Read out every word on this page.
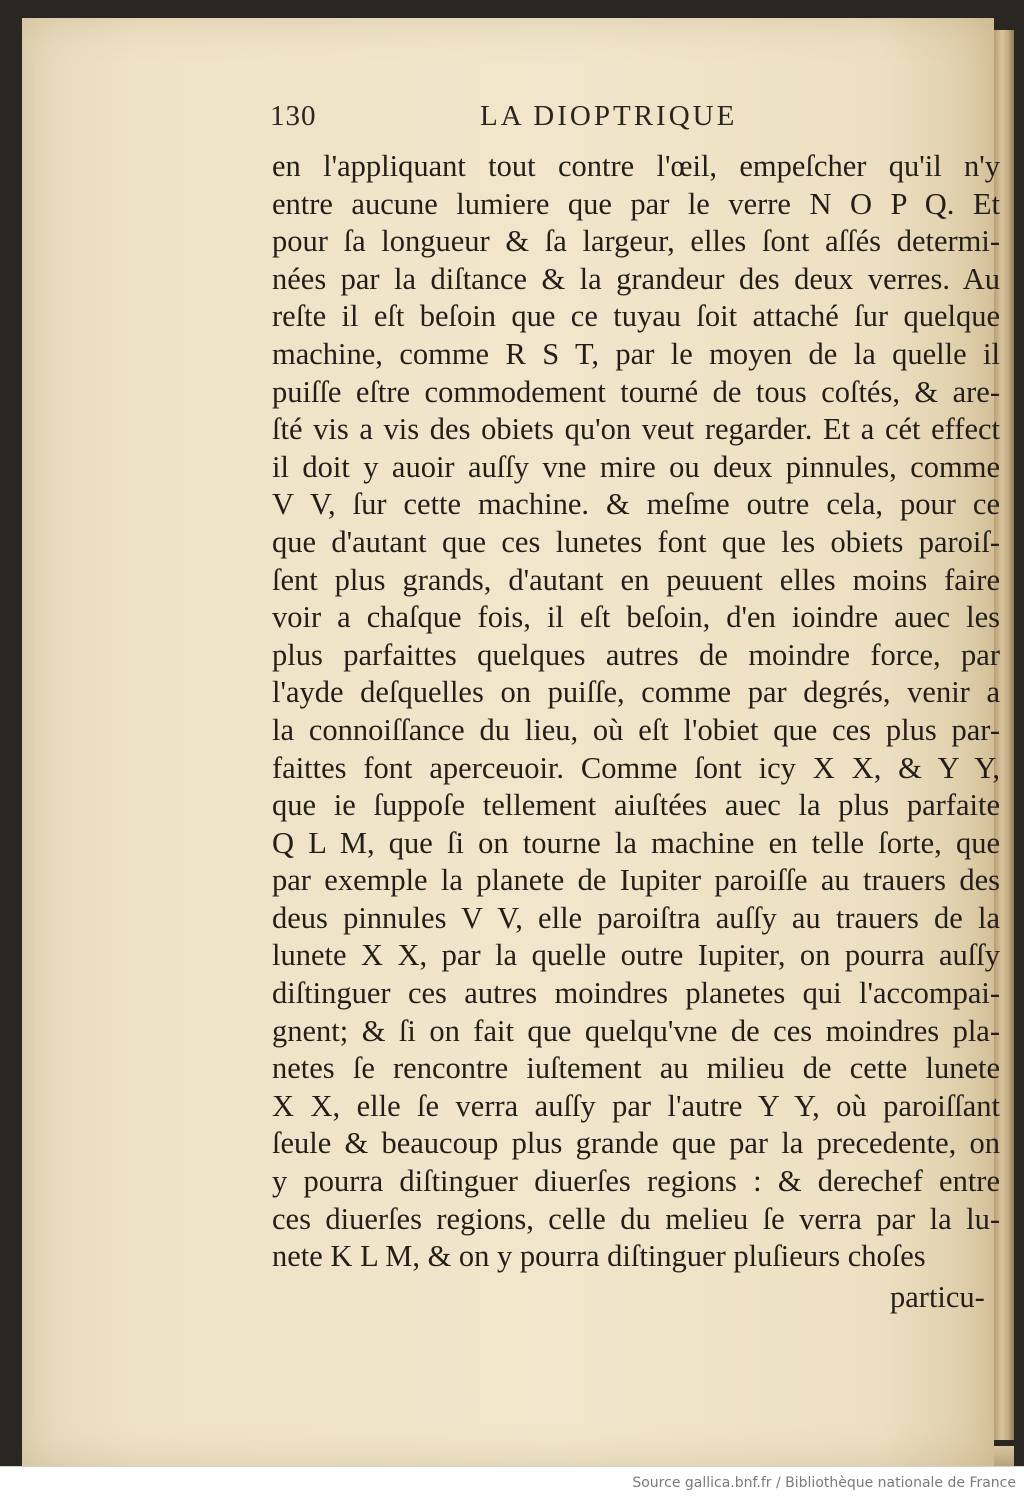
130	LA DIOPTRIQUE
en l'appliquant tout contre l'œil, empeſcher qu'il n'y
entre aucune lumiere que par le verre N O P Q. Et
pour ſa longueur & ſa largeur, elles ſont aſſés determi-
nées par la diſtance & la grandeur des deux verres. Au
reſte il eſt beſoin que ce tuyau ſoit attaché ſur quelque
machine, comme R S T, par le moyen de la quelle il
puiſſe eſtre commodement tourné de tous coſtés, & are-
ſté vis a vis des obiets qu'on veut regarder. Et a cét effect
il doit y auoir auſſy vne mire ou deux pinnules, comme
V V, ſur cette machine. & meſme outre cela, pour ce
que d'autant que ces lunetes font que les obiets paroiſ-
ſent plus grands, d'autant en peuuent elles moins faire
voir a chaſque fois, il eſt beſoin, d'en ioindre auec les
plus parfaittes quelques autres de moindre force, par
l'ayde deſquelles on puiſſe, comme par degrés, venir a
la connoiſſance du lieu, où eſt l'obiet que ces plus par-
faittes font aperceuoir. Comme ſont icy X X, & Y Y,
que ie ſuppoſe tellement aiuſtées auec la plus parfaite
Q L M, que ſi on tourne la machine en telle ſorte, que
par exemple la planete de Iupiter paroiſſe au trauers des
deus pinnules V V, elle paroiſtra auſſy au trauers de la
lunete X X, par la quelle outre Iupiter, on pourra auſſy
diſtinguer ces autres moindres planetes qui l'accompai-
gnent; & ſi on fait que quelqu'vne de ces moindres pla-
netes ſe rencontre iuſtement au milieu de cette lunete
X X, elle ſe verra auſſy par l'autre Y Y, où paroiſſant
ſeule & beaucoup plus grande que par la precedente, on
y pourra diſtinguer diuerſes regions : & derechef entre
ces diuerſes regions, celle du melieu ſe verra par la lu-
nete K L M, & on y pourra diſtinguer pluſieurs choſes
particu-
Source gallica.bnf.fr / Bibliothèque nationale de France
